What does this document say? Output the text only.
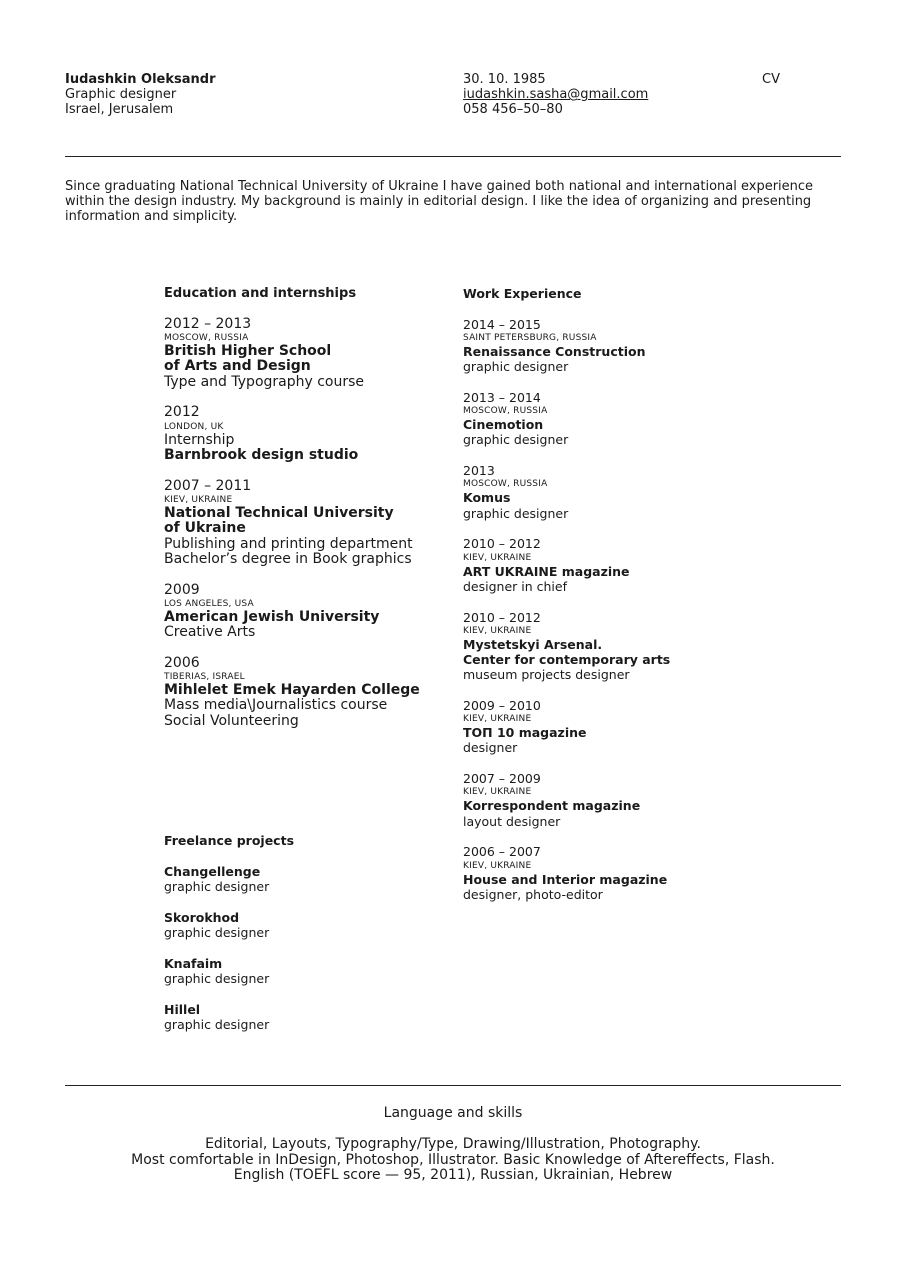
Iudashkin Oleksandr
Graphic designer
Israel, Jerusalem
30. 10. 1985
iudashkin.sasha@gmail.com
058 456–50–80
CV
Since graduating National Technical University of Ukraine I have gained both national and international experience
within the design industry. My background is mainly in editorial design. I like the idea of organizing and presenting
information and simplicity.
Education and internships
2012 – 2013
MOSCOW, RUSSIA
British Higher School
of Arts and Design
Type and Typography course
2012
LONDON, UK
Internship
Barnbrook design studio
2007 – 2011
KIEV, UKRAINE
National Technical University
of Ukraine
Publishing and printing department
Bachelor’s degree in Book graphics
2009
LOS ANGELES, USA
American Jewish University
Creative Arts
2006
TIBERIAS, ISRAEL
Mihlelet Emek Hayarden College
Mass media\Journalistics course
Social Volunteering
Work Experience
2014 – 2015
SAINT PETERSBURG, RUSSIA
Renaissance Construction
graphic designer
2013 – 2014
MOSCOW, RUSSIA
Cinemotion
graphic designer
2013
MOSCOW, RUSSIA
Komus
graphic designer
2010 – 2012
KIEV, UKRAINE
ART UKRAINE magazine
designer in chief
2010 – 2012
KIEV, UKRAINE
Mystetskyi Arsenal.
Center for contemporary arts
museum projects designer
2009 – 2010
KIEV, UKRAINE
ТОП 10 magazine
designer
2007 – 2009
KIEV, UKRAINE
Korrespondent magazine
layout designer
2006 – 2007
KIEV, UKRAINE
House and Interior magazine
designer, photo-editor
Freelance projects
Changellenge
graphic designer
Skorokhod
graphic designer
Knafaim
graphic designer
Hillel
graphic designer
Language and skills
Editorial, Layouts, Typography/Type, Drawing/Illustration, Photography.
Most comfortable in InDesign, Photoshop, Illustrator. Basic Knowledge of Aftereffects, Flash.
English (TOEFL score — 95, 2011), Russian, Ukrainian, Hebrew
